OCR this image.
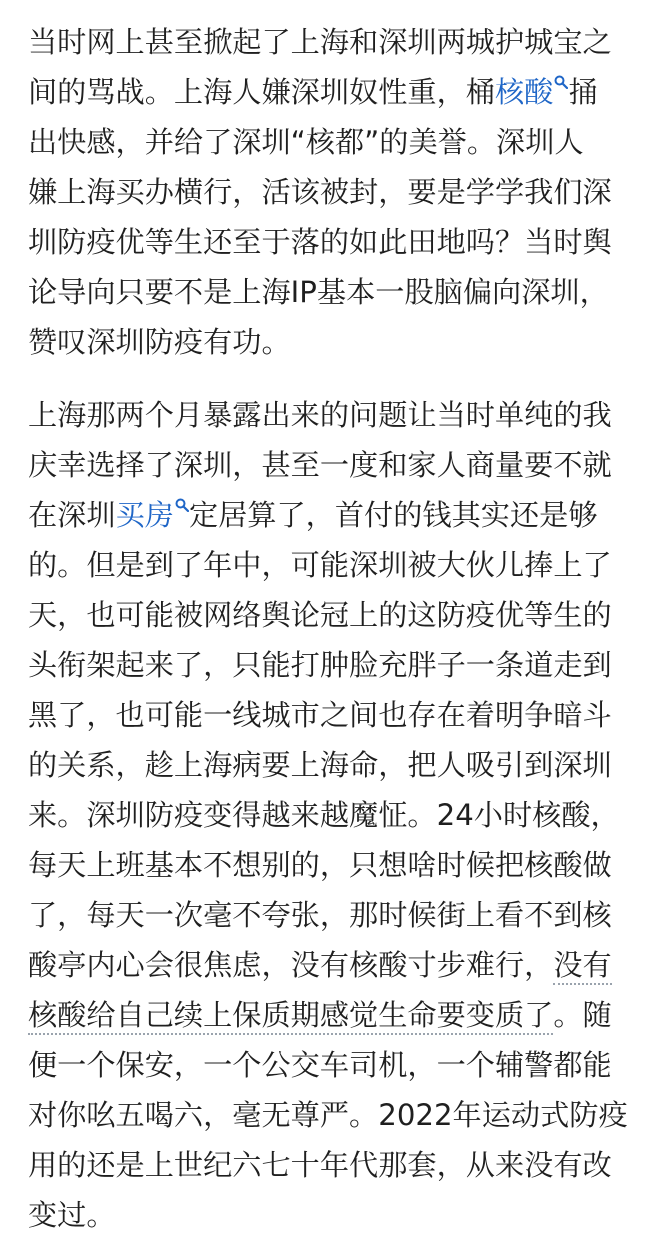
当时网上甚至掀起了上海和深圳两城护城宝之
间的骂战。上海人嫌深圳奴性重，桶核酸 捅
出快感，并给了深圳“核都”的美誉。深圳人
嫌上海买办横行，活该被封，要是学学我们深
圳防疫优等生还至于落的如此田地吗？当时舆
论导向只要不是上海IP基本一股脑偏向深圳，
赞叹深圳防疫有功。
上海那两个月暴露出来的问题让当时单纯的我
庆幸选择了深圳，甚至一度和家人商量要不就
在深圳买房 定居算了，首付的钱其实还是够
的。但是到了年中，可能深圳被大伙儿捧上了
天，也可能被网络舆论冠上的这防疫优等生的
头衔架起来了，只能打肿脸充胖子一条道走到
黑了，也可能一线城市之间也存在着明争暗斗
的关系，趁上海病要上海命，把人吸引到深圳
来。深圳防疫变得越来越魔怔。24小时核酸，
每天上班基本不想别的，只想啥时候把核酸做
了，每天一次毫不夸张，那时候街上看不到核
酸亭内心会很焦虑，没有核酸寸步难行，没有
核酸给自己续上保质期感觉生命要变质了。随
便一个保安，一个公交车司机，一个辅警都能
对你吆五喝六，毫无尊严。2022年运动式防疫
用的还是上世纪六七十年代那套，从来没有改
变过。
